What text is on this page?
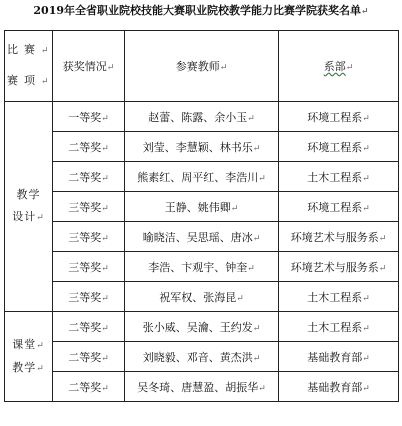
2019年全省职业院校技能大赛职业院校教学能力比赛学院获奖名单↵
比赛↵
赛项↵	获奖情况↵	参赛教师↵	系部↵

教学
设计↵	一等奖↵	赵蕾、陈露、余小玉↵	环境工程系↵
	二等奖↵	刘莹、李慧颖、林书乐↵	环境工程系↵
	二等奖↵	熊素红、周平红、李浩川↵	土木工程系↵
	三等奖↵	王静、姚伟卿↵	环境工程系↵
	三等奖↵	喻晓洁、吴思瑶、唐冰↵	环境艺术与服务系↵
	三等奖↵	李浩、卞观宇、钟奎↵	环境艺术与服务系↵
	三等奖↵	祝军权、张海昆↵	土木工程系↵

课堂↵
教学↵	二等奖↵	张小威、吴瀹、王约发↵	土木工程系↵
	二等奖↵	刘晓毅、邓音、黄杰洪↵	基础教育部↵
	二等奖↵	吴冬琦、唐慧盈、胡振华↵	基础教育部↵
